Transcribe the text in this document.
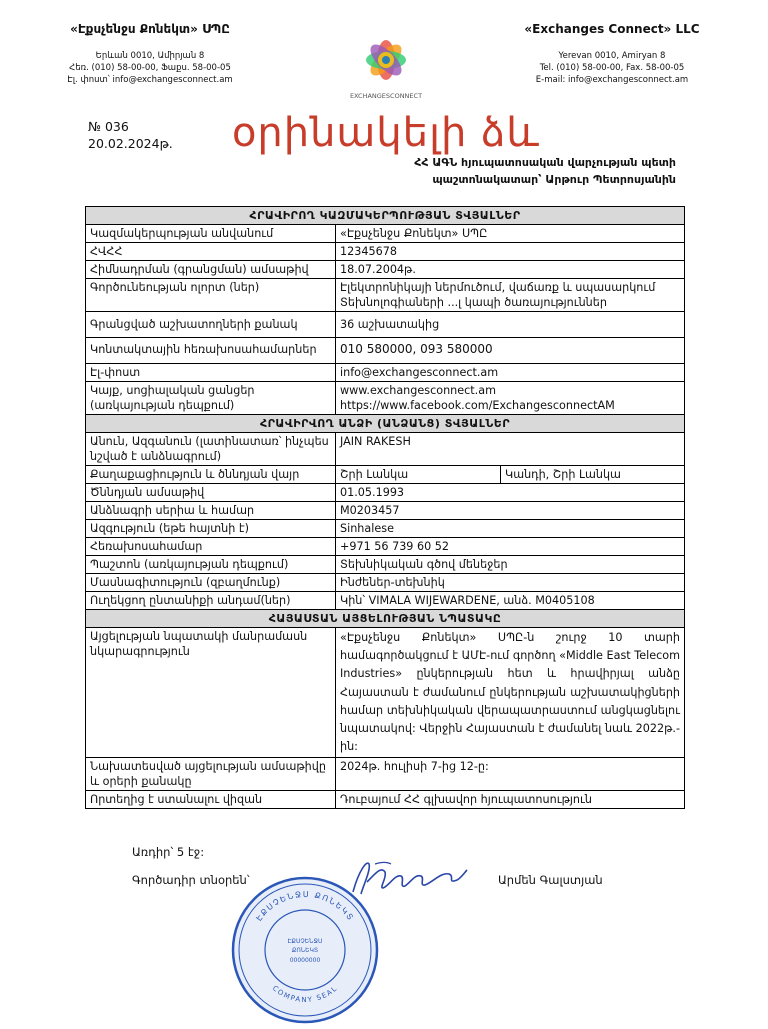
«Էքսչենջս Քոնեկտ» ՍՊԸ
Երևան 0010, Ամիրյան 8
Հեռ. (010) 58-00-00, Ֆաքս. 58-00-05
Էլ. փոստ՝ info@exchangesconnect.am
EXCHANGESCONNECT
«Exchanges Connect» LLC
Yerevan 0010, Amiryan 8
Tel. (010) 58-00-00, Fax. 58-00-05
E-mail: info@exchangesconnect.am
№ 036
20.02.2024թ. օրինակելի ձև
ՀՀ ԱԳՆ հյուպատոսական վարչության պետի
պաշտոնակատար՝ Արթուր Պետրոսյանին
ՀՐԱՎԻՐՈՂ ԿԱԶՄԱԿԵՐՊՈՒԹՅԱՆ ՏՎՅԱԼՆԵՐ		
Կազմակերպության անվանում	«Էքսչենջս Քոնեկտ» ՍՊԸ	
ՀՎՀՀ	12345678	
Հիմնադրման (գրանցման) ամսաթիվ	18.07.2004թ.	
Գործունեության ոլորտ (ներ)	Էլեկտրոնիկայի ներմուծում, վաճառք և սպասարկում Տեխնոլոգիաների ...լ կապի ծառայություններ	
Գրանցված աշխատողների քանակ	36 աշխատակից	
Կոնտակտային հեռախոսահամարներ	010 580000, 093 580000	
Էլ-փոստ	info@exchangesconnect.am	
Կայք, սոցիալական ցանցեր (առկայության դեպքում)	www.exchangesconnect.am
https://www.facebook.com/ExchangesconnectAM	

ՀՐԱՎԻՐՎՈՂ ԱՆՁԻ (ԱՆՁԱՆՑ) ՏՎՅԱԼՆԵՐ		
Անուն, Ազգանուն (լատինատառ՝ ինչպես նշված է անձնագրում)	JAIN RAKESH	
Քաղաքացիություն և ծննդյան վայր	Շրի Լանկա	Կանդի, Շրի Լանկա
Ծննդյան ամսաթիվ	01.05.1993	
Անձնագրի սերիա և համար	M0203457	
Ազգություն (եթե հայտնի է)	Sinhalese	
Հեռախոսահամար	+971 56 739 60 52	
Պաշտոն (առկայության դեպքում)	Տեխնիկական գծով մենեջեր	
Մասնագիտություն (զբաղմունք)	Ինժեներ-տեխնիկ	
Ուղեկցող ընտանիքի անդամ(ներ)	Կին՝ VIMALA WIJEWARDENE, անձ. M0405108	
ՀԱՅԱՍՏԱՆ ԱՅՑԵԼՈՒԹՅԱՆ ՆՊԱՏԱԿԸ		
Այցելության նպատակի մանրամասն նկարագրություն	«Էքսչենջս Քոնեկտ» ՍՊԸ-ն շուրջ 10 տարի համագործակցում է ԱՄԷ-ում գործող «Middle East Telecom Industries» ընկերության հետ և հրավիրյալ անձը Հայաստան է ժամանում ընկերության աշխատակիցների համար տեխնիկական վերապատրաստում անցկացնելու նպատակով: Վերջին Հայաստան է ժամանել նաև 2022թ.-ին:	
Նախատեսված այցելության ամսաթիվը և օրերի քանակը	2024թ. հուլիսի 7-ից 12-ը:	
Որտեղից է ստանալու վիզան	Դուբայում ՀՀ գլխավոր հյուպատոսություն	
Առդիր՝ 5 էջ:
Գործադիր տնօրեն՝	Արմեն Գալստյան
ԷՔՍՉԵՆՋՍ ՔՈՆԵԿՏ
COMPANY SEAL
ԷՔՍՉԵՆՋՍ
ՔՈՆԵԿՏ
00000000
